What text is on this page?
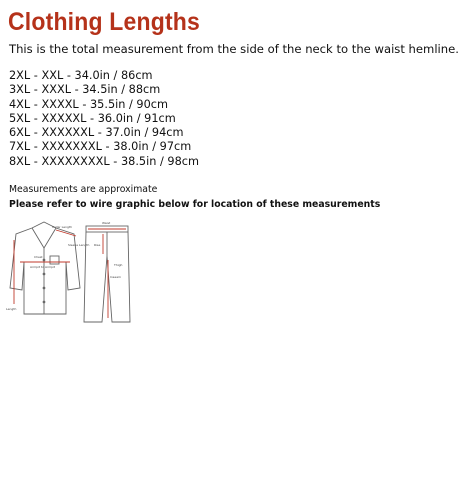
Clothing Lengths
This is the total measurement from the side of the neck to the waist hemline.
2XL - XXL - 34.0in / 86cm
3XL - XXXL - 34.5in / 88cm
4XL - XXXXL - 35.5in / 90cm
5XL - XXXXXL - 36.0in / 91cm
6XL - XXXXXXL - 37.0in / 94cm
7XL - XXXXXXXL - 38.0in / 97cm
8XL - XXXXXXXXL - 38.5in / 98cm
Measurements are approximate
Please refer to wire graphic below for location of these measurements
Collar Length
Chest
Sleeve Length
Length
Armpit to Armpit
Waist
Inseam
Rise
Thigh
